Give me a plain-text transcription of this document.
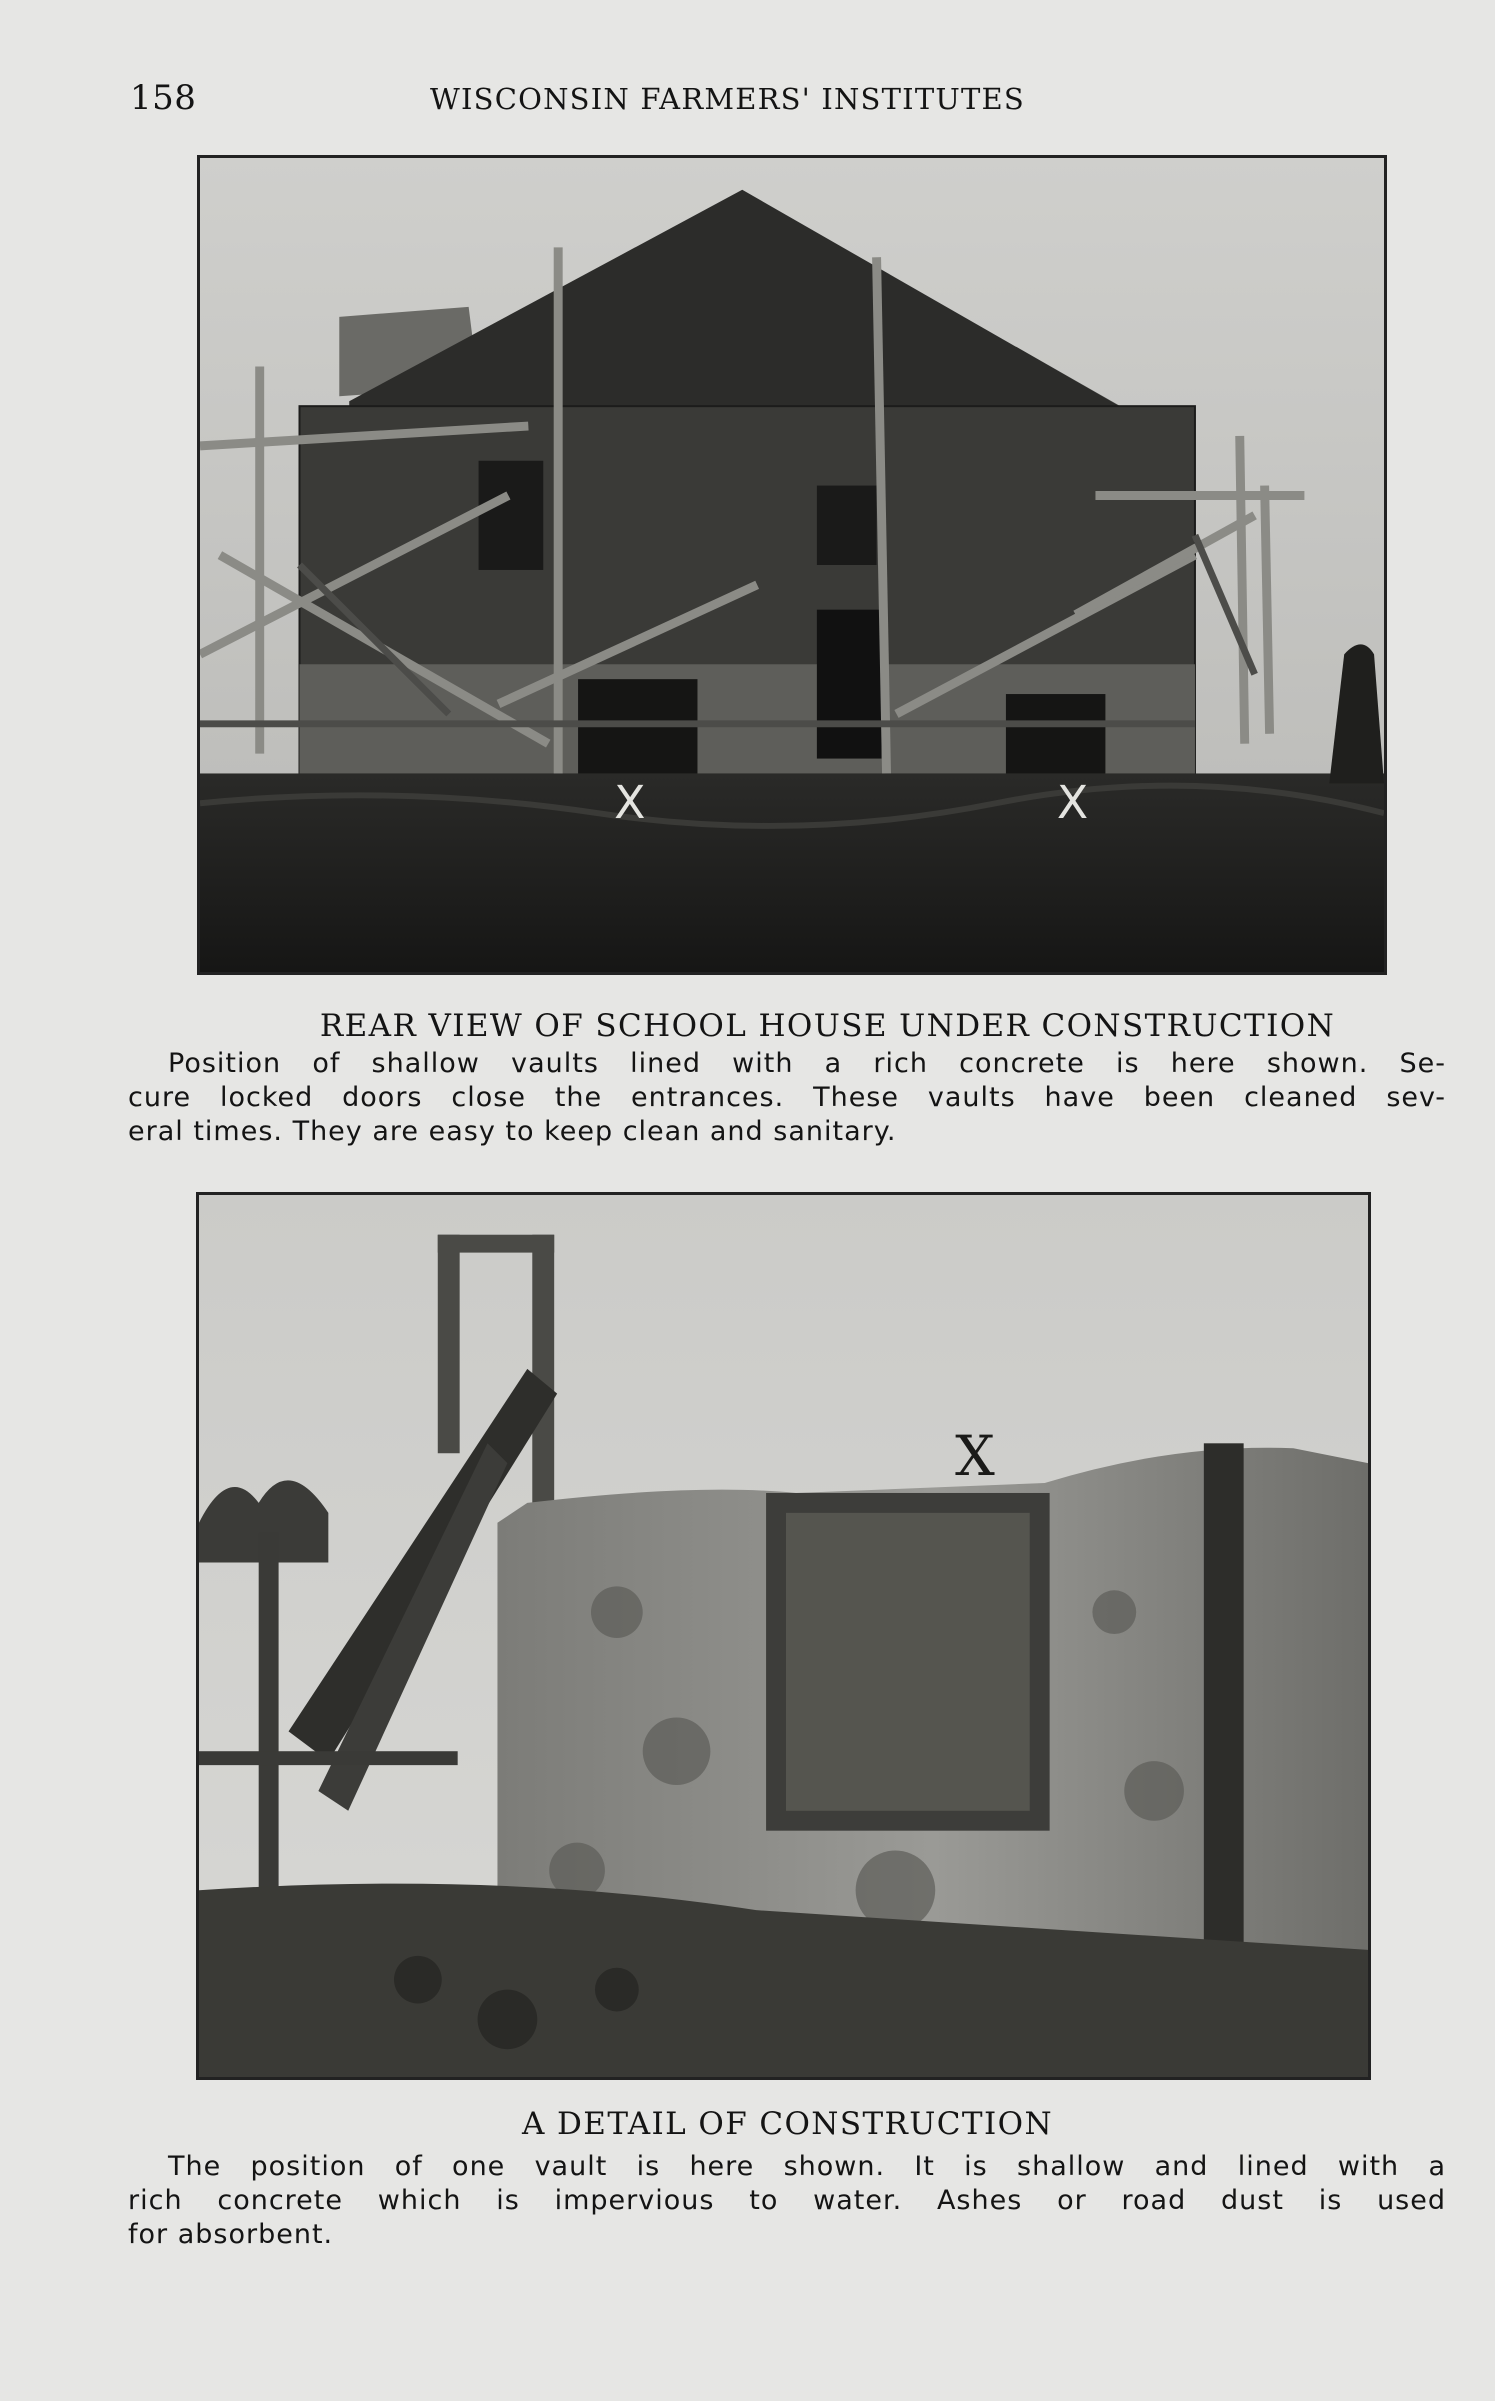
158	WISCONSIN FARMERS' INSTITUTES
X	X
REAR VIEW OF SCHOOL HOUSE UNDER CONSTRUCTION
Position of shallow vaults lined with a rich concrete is here shown. Se-
cure locked doors close the entrances. These vaults have been cleaned sev-
eral times. They are easy to keep clean and sanitary.
X
A DETAIL OF CONSTRUCTION
The position of one vault is here shown. It is shallow and lined with a
rich concrete which is impervious to water. Ashes or road dust is used
for absorbent.
